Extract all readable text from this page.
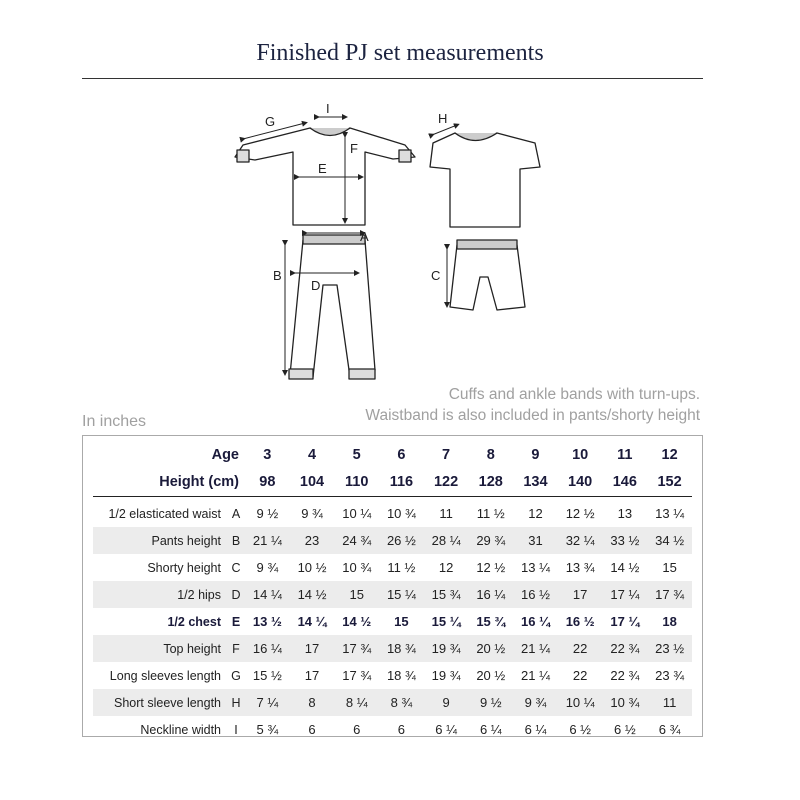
Finished PJ set measurements
G
I
F
E
H
A
D
B	C
Cuffs and ankle bands with turn-ups.
Waistband is also included in pants/shorty height
In inches
Age		3	4	5	6	7	8	9	10	11	12
Height (cm)		98	104	110	116	122	128	134	140	146	152

1/2 elasticated waist	A	9 ½	9 ¾	10 ¼	10 ¾	11	11 ½	12	12 ½	13	13 ¼
Pants height	B	21 ¼	23	24 ¾	26 ½	28 ¼	29 ¾	31	32 ¼	33 ½	34 ½
Shorty height	C	9 ¾	10 ½	10 ¾	11 ½	12	12 ½	13 ¼	13 ¾	14 ½	15
1/2 hips	D	14 ¼	14 ½	15	15 ¼	15 ¾	16 ¼	16 ½	17	17 ¼	17 ¾
1/2 chest	E	13 ½	14 ¼	14 ½	15	15 ¼	15 ¾	16 ¼	16 ½	17 ¼	18
Top height	F	16 ¼	17	17 ¾	18 ¾	19 ¾	20 ½	21 ¼	22	22 ¾	23 ½
Long sleeves length	G	15 ½	17	17 ¾	18 ¾	19 ¾	20 ½	21 ¼	22	22 ¾	23 ¾
Short sleeve length	H	7 ¼	8	8 ¼	8 ¾	9	9 ½	9 ¾	10 ¼	10 ¾	11
Neckline width	I	5 ¾	6	6	6	6 ¼	6 ¼	6 ¼	6 ½	6 ½	6 ¾
